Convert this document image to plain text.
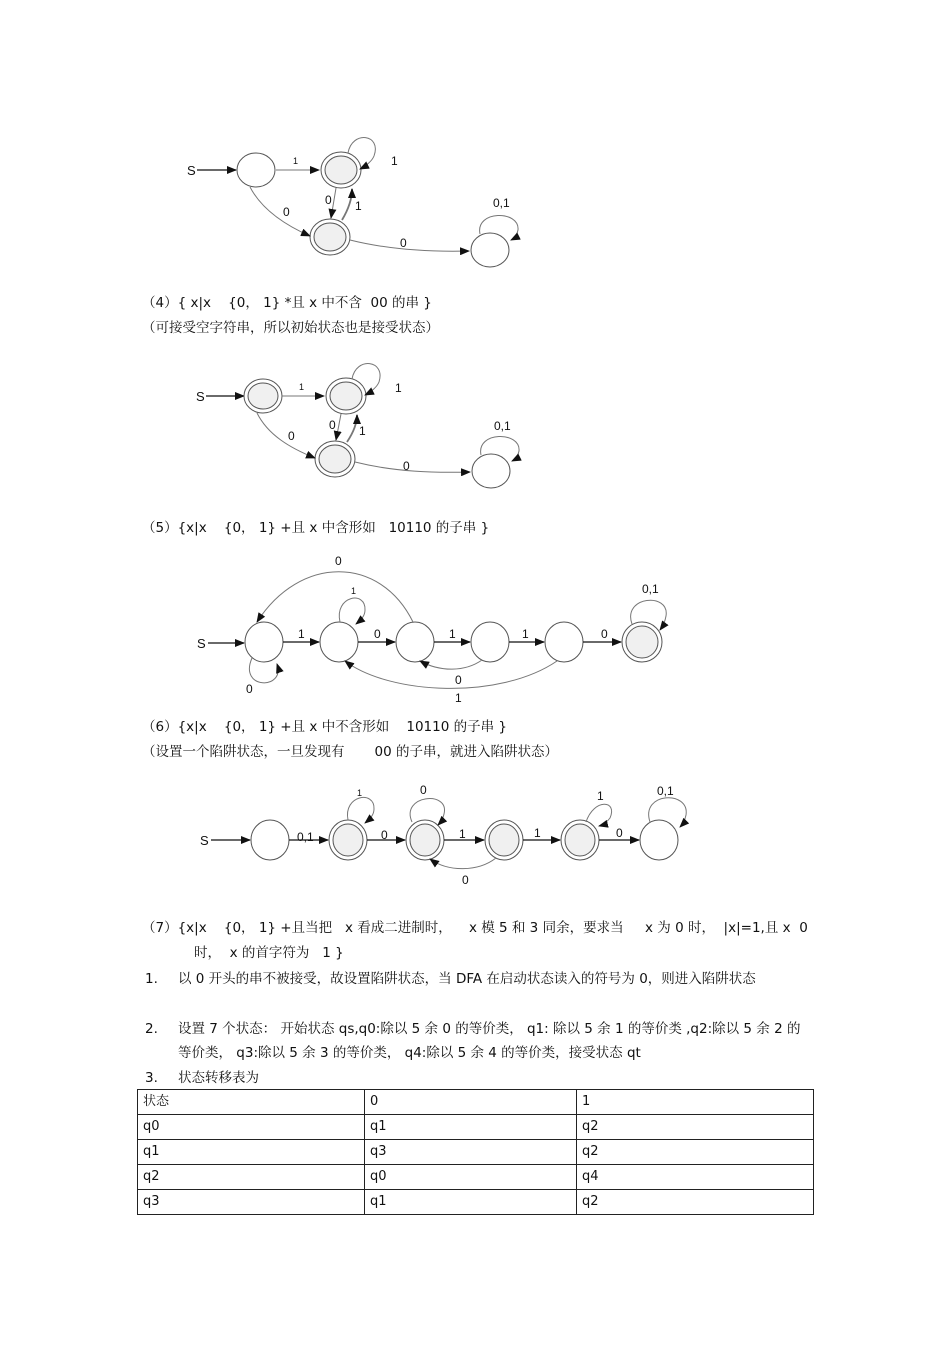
S
1	1
0
0 1
0
0,1
（4）{ x|x    {0， 1} *且 x 中不含  00 的串 }
（可接受空字符串，所以初始状态也是接受状态）
S
1	1
0
0 1
0
0,1
（5）{x|x    {0， 1} +且 x 中含形如   10110 的子串 }
S
1
1
0	1	1	0
0,1
0
0
0
1
（6）{x|x    {0， 1} +且 x 中不含形如    10110 的子串 }
（设置一个陷阱状态，一旦发现有       00 的子串，就进入陷阱状态）
S	0,1
1
0
0
1	1
1
0
0,1
0
（7）{x|x    {0， 1} +且当把   x 看成二进制时，    x 模 5 和 3 同余，要求当     x 为 0 时，  |x|=1,且 x  0
时，  x 的首字符为   1 }
1. 以 0 开头的串不被接受，故设置陷阱状态，当 DFA 在启动状态读入的符号为 0，则进入陷阱状态
2. 设置 7 个状态： 开始状态 qs,q0:除以 5 余 0 的等价类， q1: 除以 5 余 1 的等价类 ,q2:除以 5 余 2 的等价类， q3:除以 5 余 3 的等价类， q4:除以 5 余 4 的等价类，接受状态 qt
3. 状态转移表为
状态	0	1
q0	q1	q2
q1	q3	q2
q2	q0	q4
q3	q1	q2
